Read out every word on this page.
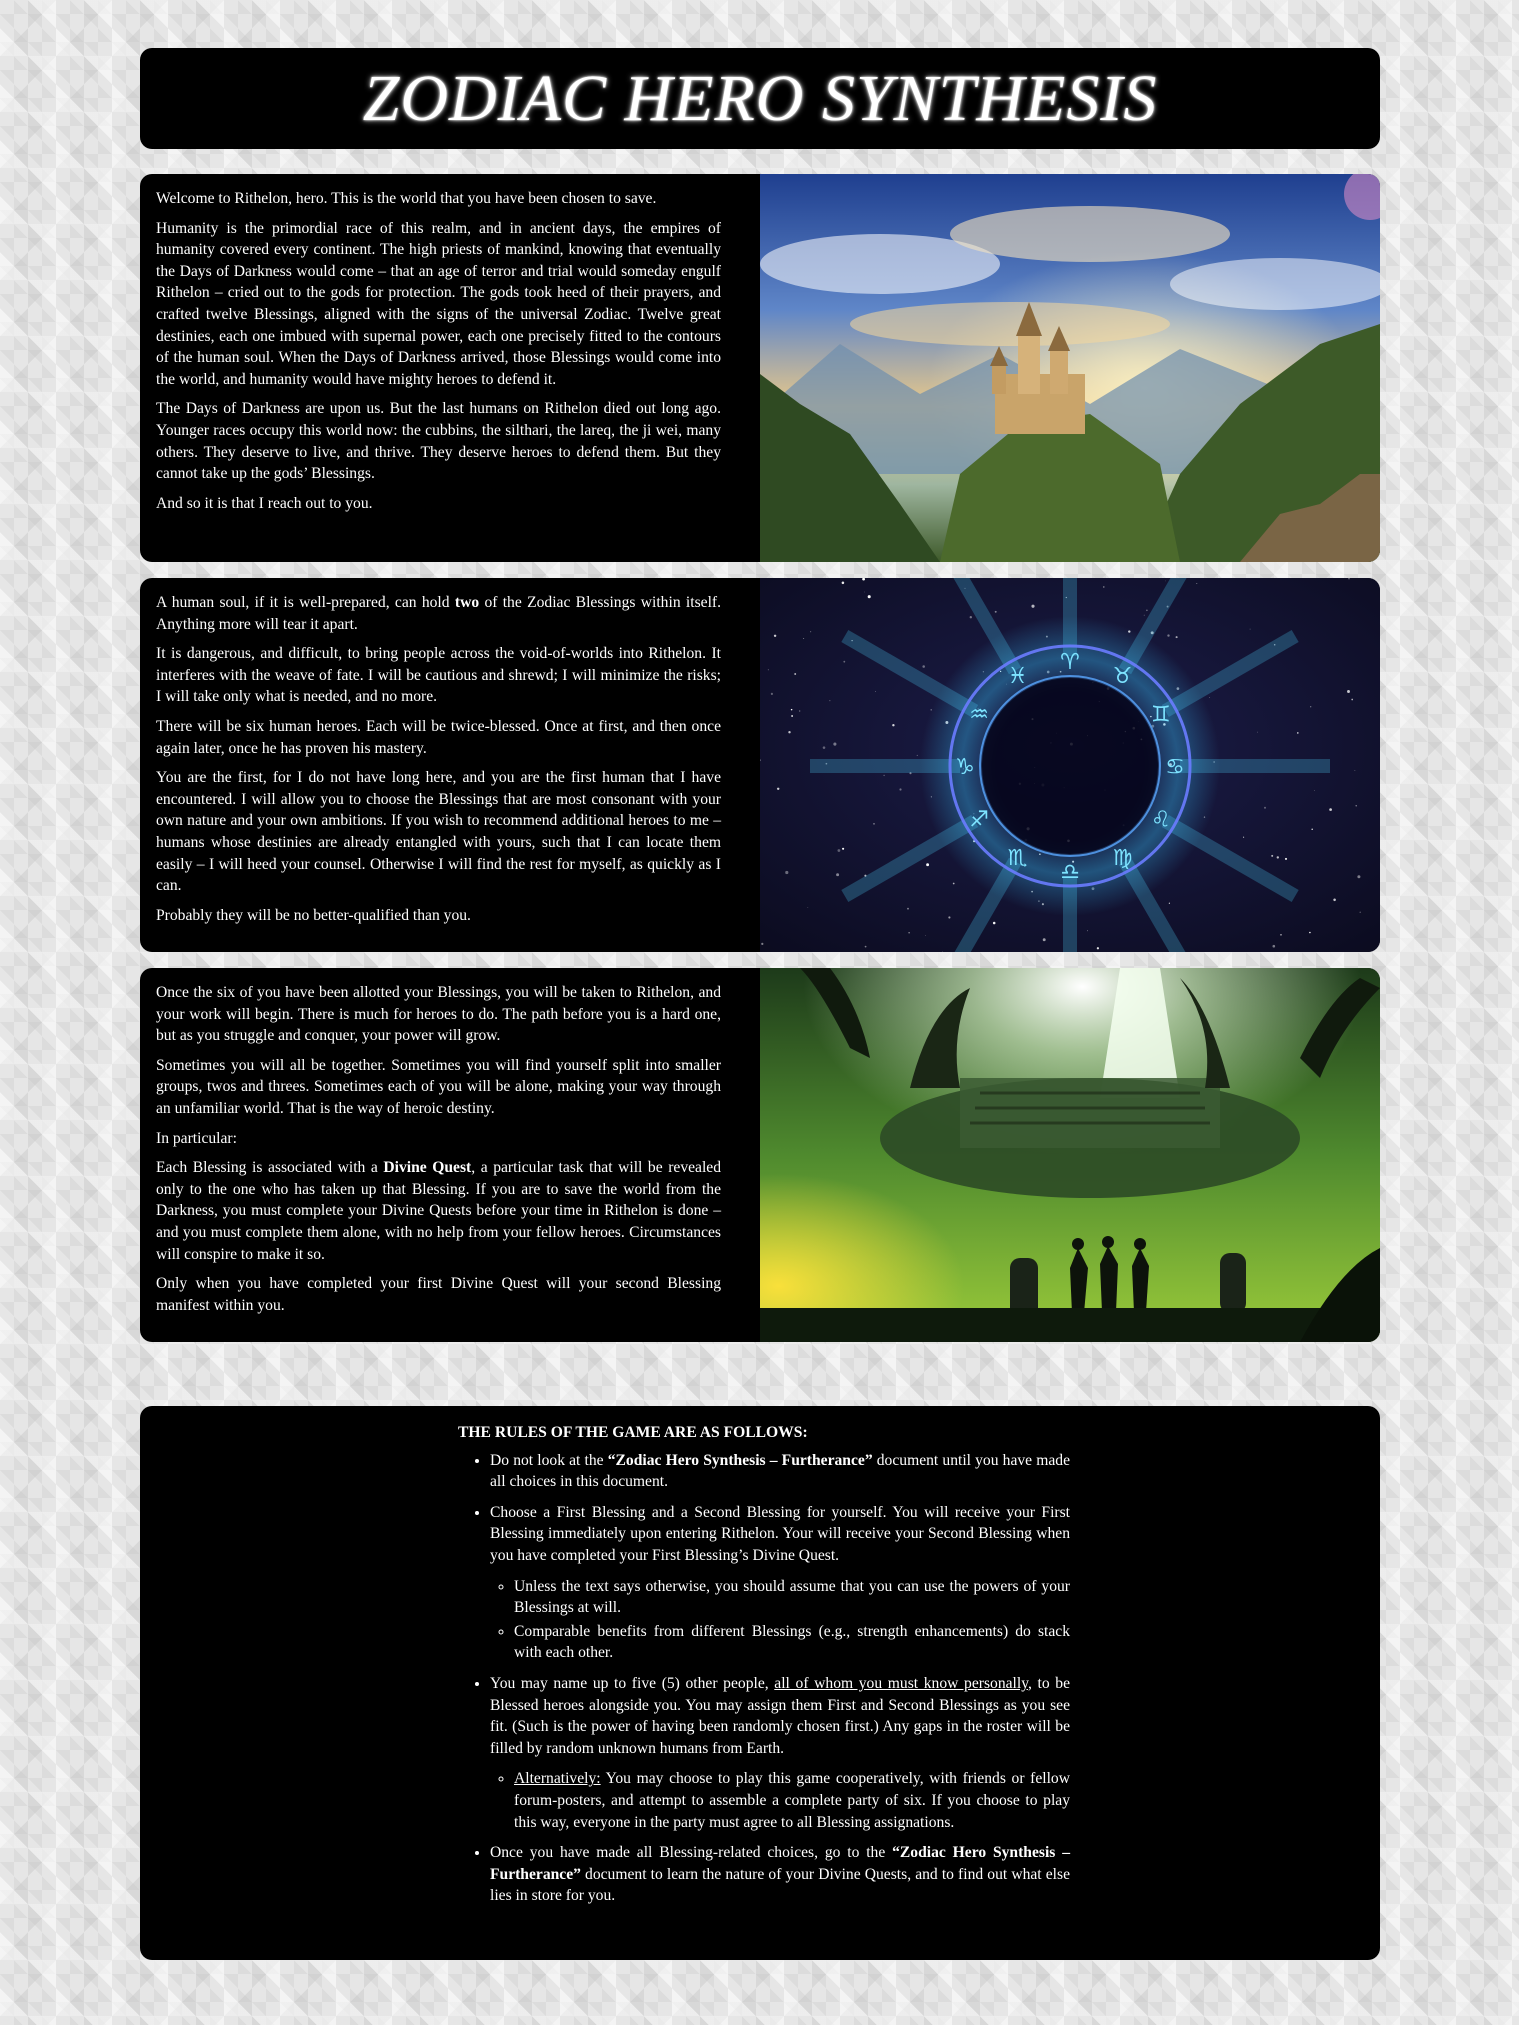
ZODIAC HERO SYNTHESIS

Welcome to Rithelon, hero. This is the world that you have been chosen to save.

Humanity is the primordial race of this realm, and in ancient days, the empires of humanity covered every continent. The high priests of mankind, knowing that eventually the Days of Darkness would come – that an age of terror and trial would someday engulf Rithelon – cried out to the gods for protection. The gods took heed of their prayers, and crafted twelve Blessings, aligned with the signs of the universal Zodiac. Twelve great destinies, each one imbued with supernal power, each one precisely fitted to the contours of the human soul. When the Days of Darkness arrived, those Blessings would come into the world, and humanity would have mighty heroes to defend it.

The Days of Darkness are upon us. But the last humans on Rithelon died out long ago. Younger races occupy this world now: the cubbins, the silthari, the lareq, the ji wei, many others. They deserve to live, and thrive. They deserve heroes to defend them. But they cannot take up the gods’ Blessings.

And so it is that I reach out to you.

A human soul, if it is well-prepared, can hold two of the Zodiac Blessings within itself. Anything more will tear it apart.

It is dangerous, and difficult, to bring people across the void-of-worlds into Rithelon. It interferes with the weave of fate. I will be cautious and shrewd; I will minimize the risks; I will take only what is needed, and no more.

There will be six human heroes. Each will be twice-blessed. Once at first, and then once again later, once he has proven his mastery.

You are the first, for I do not have long here, and you are the first human that I have encountered. I will allow you to choose the Blessings that are most consonant with your own nature and your own ambitions. If you wish to recommend additional heroes to me – humans whose destinies are already entangled with yours, such that I can locate them easily – I will heed your counsel. Otherwise I will find the rest for myself, as quickly as I can.

Probably they will be no better-qualified than you.

♈
♉
♊
♋
♌
♍
♎
♏
♐
♑
♒
♓

Once the six of you have been allotted your Blessings, you will be taken to Rithelon, and your work will begin. There is much for heroes to do. The path before you is a hard one, but as you struggle and conquer, your power will grow.

Sometimes you will all be together. Sometimes you will find yourself split into smaller groups, twos and threes. Sometimes each of you will be alone, making your way through an unfamiliar world. That is the way of heroic destiny.

In particular:

Each Blessing is associated with a Divine Quest, a particular task that will be revealed only to the one who has taken up that Blessing. If you are to save the world from the Darkness, you must complete your Divine Quests before your time in Rithelon is done – and you must complete them alone, with no help from your fellow heroes. Circumstances will conspire to make it so.

Only when you have completed your first Divine Quest will your second Blessing manifest within you.

THE RULES OF THE GAME ARE AS FOLLOWS:
• Do not look at the “Zodiac Hero Synthesis – Furtherance” document until you have made all choices in this document.
• Choose a First Blessing and a Second Blessing for yourself. You will receive your First Blessing immediately upon entering Rithelon. Your will receive your Second Blessing when you have completed your First Blessing’s Divine Quest.
◦ Unless the text says otherwise, you should assume that you can use the powers of your Blessings at will.
◦ Comparable benefits from different Blessings (e.g., strength enhancements) do stack with each other.
• You may name up to five (5) other people, all of whom you must know personally, to be Blessed heroes alongside you. You may assign them First and Second Blessings as you see fit. (Such is the power of having been randomly chosen first.) Any gaps in the roster will be filled by random unknown humans from Earth.
◦ Alternatively: You may choose to play this game cooperatively, with friends or fellow forum-posters, and attempt to assemble a complete party of six. If you choose to play this way, everyone in the party must agree to all Blessing assignations.
• Once you have made all Blessing-related choices, go to the “Zodiac Hero Synthesis – Furtherance” document to learn the nature of your Divine Quests, and to find out what else lies in store for you.
